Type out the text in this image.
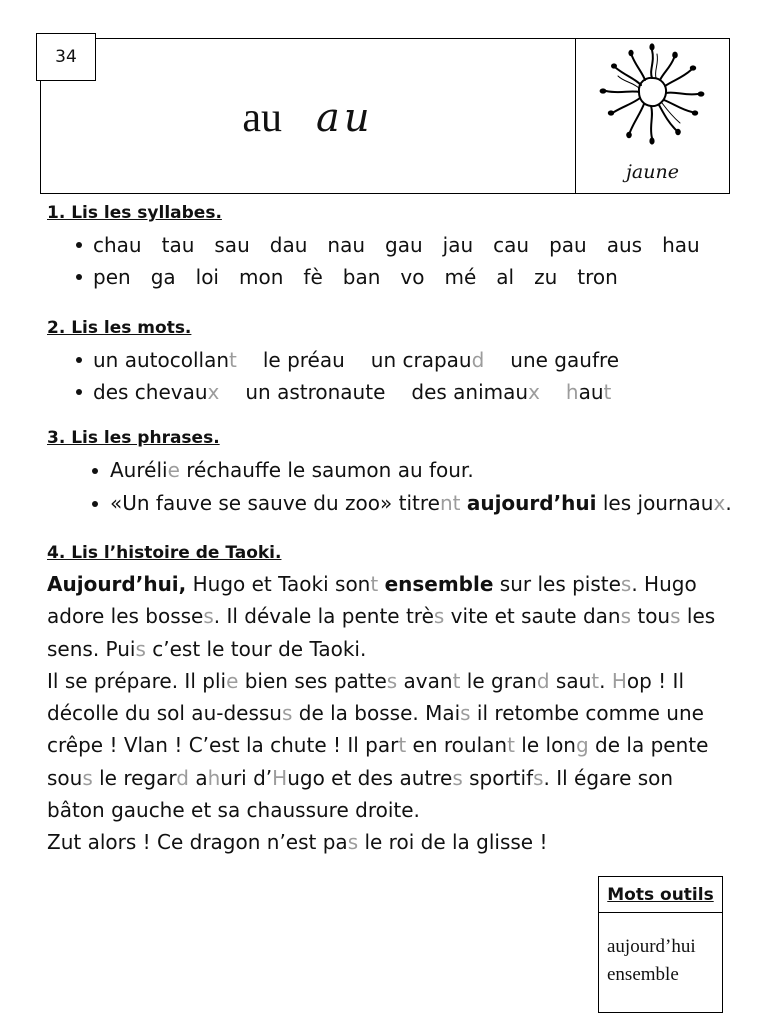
34
au au
jaune
1. Lis les syllabes.
chau tau sau dau nau gau jau cau pau aus hau
pen ga loi mon fè ban vo mé al zu tron
2. Lis les mots.
un autocollant le préau un crapaud une gaufre
des chevaux un astronaute des animaux haut
3. Lis les phrases.
Aurélie réchauffe le saumon au four.
«Un fauve se sauve du zoo» titrent aujourd’hui les journaux.
4. Lis l’histoire de Taoki.
Aujourd’hui, Hugo et Taoki sont ensemble sur les pistes. Hugo
adore les bosses. Il dévale la pente très vite et saute dans tous les
sens. Puis c’est le tour de Taoki.
Il se prépare. Il plie bien ses pattes avant le grand saut. Hop ! Il
décolle du sol au-dessus de la bosse. Mais il retombe comme une
crêpe ! Vlan ! C’est la chute ! Il part en roulant le long de la pente
sous le regard ahuri d’Hugo et des autres sportifs. Il égare son
bâton gauche et sa chaussure droite.
Zut alors ! Ce dragon n’est pas le roi de la glisse !
Mots outils
aujourd’hui
ensemble
